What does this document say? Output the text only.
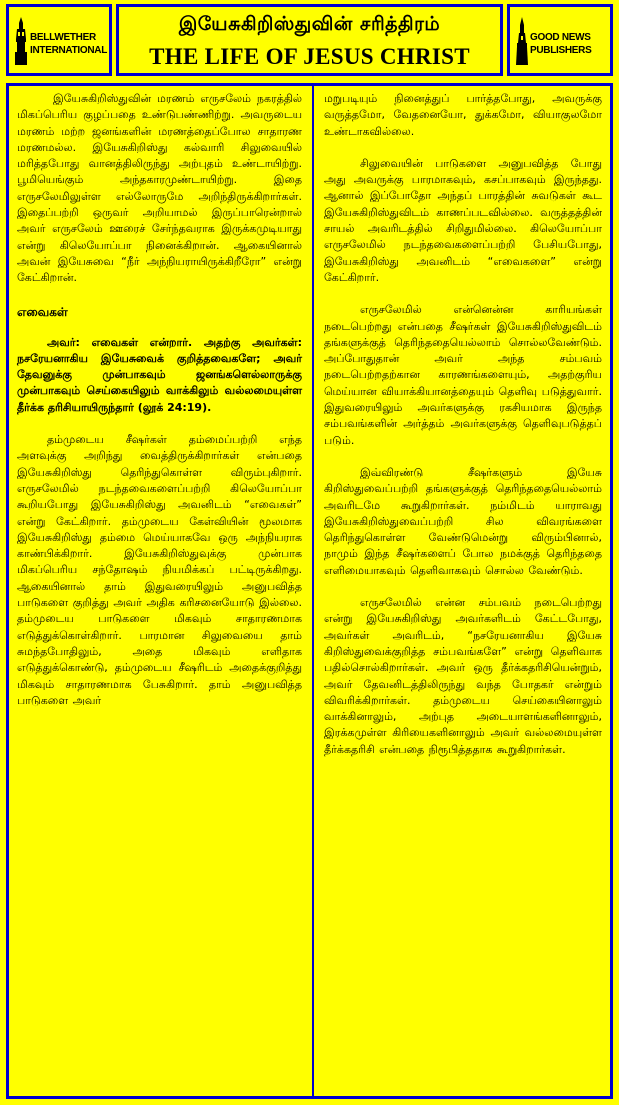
BELLWETHER
INTERNATIONAL
இயேசுகிறிஸ்துவின் சரித்திரம்
THE LIFE OF JESUS CHRIST
GOOD NEWS
PUBLISHERS

இயேசுகிறிஸ்துவின் மரணம் எருசலேம் நகரத்தில் மிகப்பெரிய குழப்பதை உண்டுபண்ணிற்று. அவருடைய மரணம் மற்ற ஜனங்களின் மரணத்தைப்போல சாதாரண மரணமல்ல. இயேசுகிறிஸ்து கல்வாரி சிலுவையில் மரித்தபோது வானத்திலிருந்து அற்புதம் உண்டாயிற்று. பூமியெங்கும் அந்தகாரமுண்டாயிற்று. இதை எருசலேமிலுள்ள எல்லோருமே அறிந்திருக்கிறார்கள். இதைப்பற்றி ஒருவர் அறியாமல் இருப்பாரென்றால் அவர் எருசலேம் ஊரைச் சேர்ந்தவராக இருக்கமுடியாது என்று கிலெயோப்பா நினைக்கிறான். ஆகையினால் அவன் இயேசுவை “நீர் அந்நியராயிருக்கிறீரோ” என்று கேட்கிறான்.

எவைகள்

அவர்: எவைகள் என்றார். அதற்கு அவர்கள்: நசரேயனாகிய இயேசுவைக் குறித்தவைகளே; அவர் தேவனுக்கு முன்பாகவும் ஜனங்களெல்லாருக்கு முன்பாகவும் செய்கையிலும் வாக்கிலும் வல்லமையுள்ள தீர்க்க தரிசியாயிருந்தார் (லூக் 24:19).

தம்முடைய சீஷர்கள் தம்மைப்பற்றி எந்த அளவுக்கு அறிந்து வைத்திருக்கிறார்கள் என்பதை இயேசுகிறிஸ்து தெரிந்துகொள்ள விரும்புகிறார். எருசலேமில் நடந்தவைகளைப்பற்றி கிலெயோப்பா கூறியபோது இயேசுகிறிஸ்து அவனிடம் “எவைகள்” என்று கேட்கிறார். தம்முடைய கேள்வியின் மூலமாக இயேசுகிறிஸ்து தம்மை மெய்யாகவே ஒரு அந்நியராக காண்பிக்கிறார். இயேசுகிறிஸ்துவுக்கு முன்பாக மிகப்பெரிய சந்தோஷம் நியமிக்கப் பட்டிருக்கிறது. ஆகையினால் தாம் இதுவரையிலும் அனுபவித்த பாடுகளை குறித்து அவர் அதிக கரிசனையோடு இல்லை. தம்முடைய பாடுகளை மிகவும் சாதாரணமாக எடுத்துக்கொள்கிறார். பாரமான சிலுவையை தாம் சுமந்தபோதிலும், அதை மிகவும் எளிதாக எடுத்துக்கொண்டு, தம்முடைய சீஷரிடம் அதைக்குறித்து மிகவும் சாதாரணமாக பேசுகிறார். தாம் அனுபவித்த பாடுகளை அவர்

மறுபடியும் நினைத்துப் பார்த்தபோது, அவருக்கு வருத்தமோ, வேதனையோ, துக்கமோ, வியாகுலமோ உண்டாகவில்லை.

சிலுவையின் பாடுகளை அனுபவித்த போது அது அவருக்கு பாரமாகவும், கசப்பாகவும் இருந்தது. ஆனால் இப்போதோ அந்தப் பாரத்தின் சுவடுகள் கூட இயேசுகிறிஸ்துவிடம் காணப்படவில்லை. வருத்தத்தின் சாயல் அவரிடத்தில் சிறிதுமில்லை. கிலெயோப்பா எருசலேமில் நடந்தவைகளைப்பற்றி பேசியபோது, இயேசுகிறிஸ்து அவனிடம் “எவைகளை” என்று கேட்கிறார்.

எருசலேமில் என்னென்ன காரியங்கள் நடைபெற்றது என்பதை சீஷர்கள் இயேசுகிறிஸ்துவிடம் தங்களுக்குத் தெரிந்ததையெல்லாம் சொல்லவேண்டும். அப்போதுதான் அவர் அந்த சம்பவம் நடைபெற்றதற்கான காரணங்களையும், அதற்குரிய மெய்யான வியாக்கியானத்தையும் தெளிவு படுத்துவார். இதுவரையிலும் அவர்களுக்கு ரகசியமாக இருந்த சம்பவங்களின் அர்த்தம் அவர்களுக்கு தெளிவுபடுத்தப் படும்.

இவ்விரண்டு சீஷர்களும் இயேசு கிறிஸ்துவைப்பற்றி தங்களுக்குத் தெரிந்ததையெல்லாம் அவரிடமே கூறுகிறார்கள். நம்மிடம் யாராவது இயேசுகிறிஸ்துவைப்பற்றி சில விவரங்களை தெரிந்துகொள்ள வேண்டுமென்று விரும்பினால், நாமும் இந்த சீஷர்களைப் போல நமக்குத் தெரிந்ததை எளிமையாகவும் தெளிவாகவும் சொல்ல வேண்டும்.

எருசலேமில் என்ன சம்பவம் நடைபெற்றது என்று இயேசுகிறிஸ்து அவர்களிடம் கேட்டபோது, அவர்கள் அவரிடம், “நசரேயனாகிய இயேசு கிறிஸ்துவைக்குறித்த சம்பவங்களே” என்று தெளிவாக பதில்சொல்கிறார்கள். அவர் ஒரு தீர்க்கதரிசியென்றும், அவர் தேவனிடத்திலிருந்து வந்த போதகர் என்றும் விவரிக்கிறார்கள். தம்முடைய செய்கையினாலும் வாக்கினாலும், அற்புத அடையாளங்களினாலும், இரக்கமுள்ள கிரியைகளினாலும் அவர் வல்லமையுள்ள தீர்க்கதரிசி என்பதை நிரூபித்ததாக கூறுகிறார்கள்.
